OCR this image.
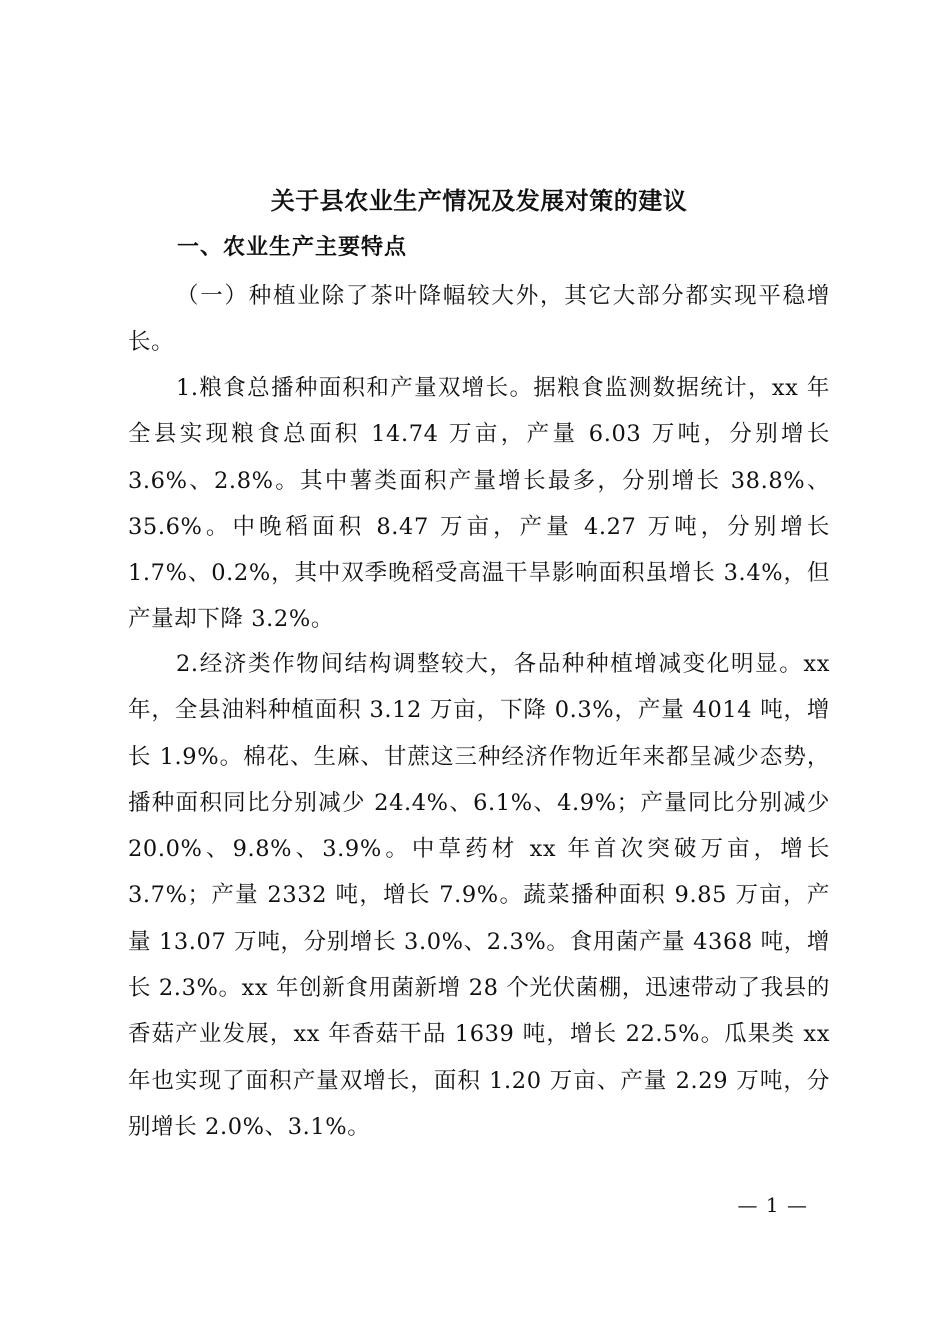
关于县农业生产情况及发展对策的建议
一、农业生产主要特点

（一）种植业除了茶叶降幅较大外，其它大部分都实现平稳增长。

1.粮食总播种面积和产量双增长。据粮食监测数据统计，xx 年全县实现粮食总面积 14.74 万亩，产量 6.03 万吨，分别增长 3.6%、2.8%。其中薯类面积产量增长最多，分别增长 38.8%、35.6%。中晚稻面积 8.47 万亩，产量 4.27 万吨，分别增长 1.7%、0.2%，其中双季晚稻受高温干旱影响面积虽增长 3.4%，但产量却下降 3.2%。

2.经济类作物间结构调整较大，各品种种植增减变化明显。xx 年，全县油料种植面积 3.12 万亩，下降 0.3%，产量 4014 吨，增长 1.9%。棉花、生麻、甘蔗这三种经济作物近年来都呈减少态势，播种面积同比分别减少 24.4%、6.1%、4.9%；产量同比分别减少 20.0%、9.8%、3.9%。中草药材 xx 年首次突破万亩，增长 3.7%；产量 2332 吨，增长 7.9%。蔬菜播种面积 9.85 万亩，产量 13.07 万吨，分别增长 3.0%、2.3%。食用菌产量 4368 吨，增长 2.3%。xx 年创新食用菌新增 28 个光伏菌棚，迅速带动了我县的香菇产业发展，xx 年香菇干品 1639 吨，增长 22.5%。瓜果类 xx 年也实现了面积产量双增长，面积 1.20 万亩、产量 2.29 万吨，分别增长 2.0%、3.1%。

— 1 —
